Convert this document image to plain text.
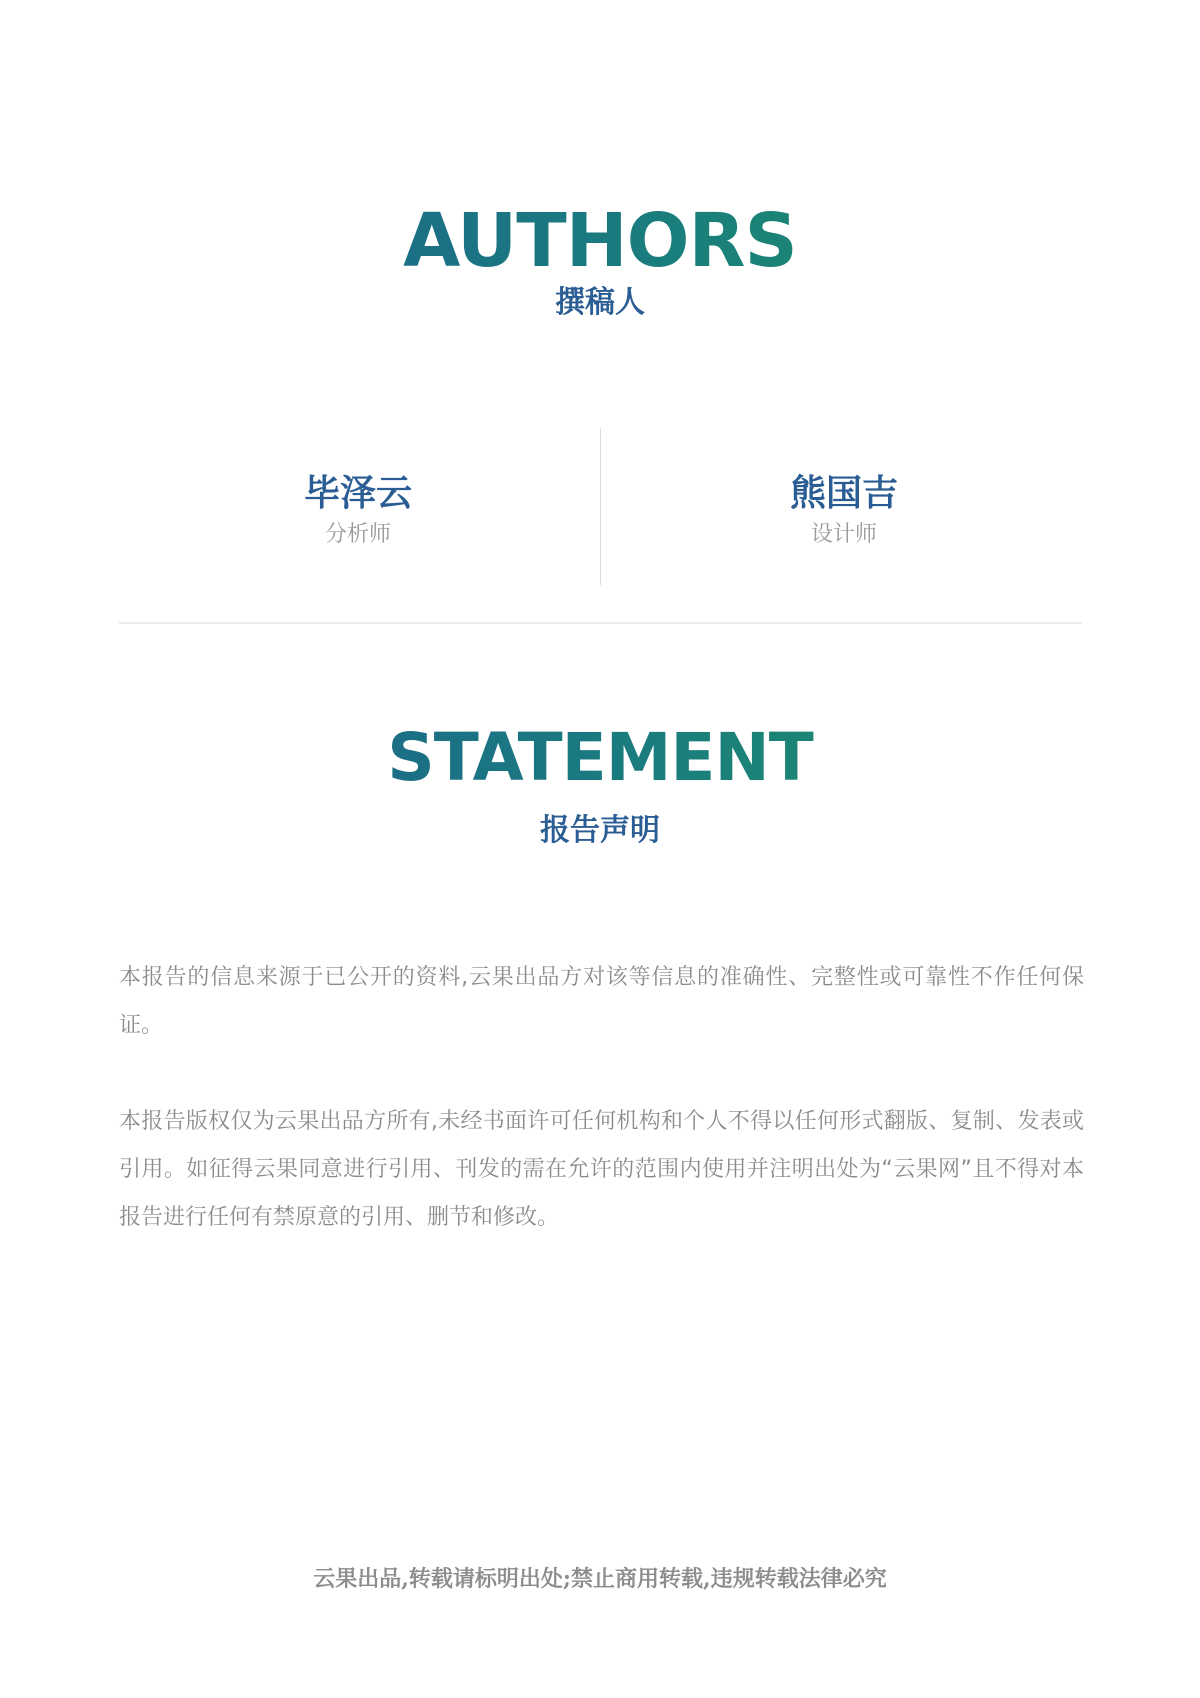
AUTHORS
撰稿人
毕泽云
分析师
熊国吉
设计师
STATEMENT
报告声明

本报告的信息来源于已公开的资料,云果出品方对该等信息的准确性、完整性或可靠性不作任何保证。

本报告版权仅为云果出品方所有,未经书面许可任何机构和个人不得以任何形式翻版、复制、发表或引用。如征得云果同意进行引用、刊发的需在允许的范围内使用并注明出处为“云果网”且不得对本报告进行任何有禁原意的引用、删节和修改。

云果出品,转载请标明出处;禁止商用转载,违规转载法律必究
